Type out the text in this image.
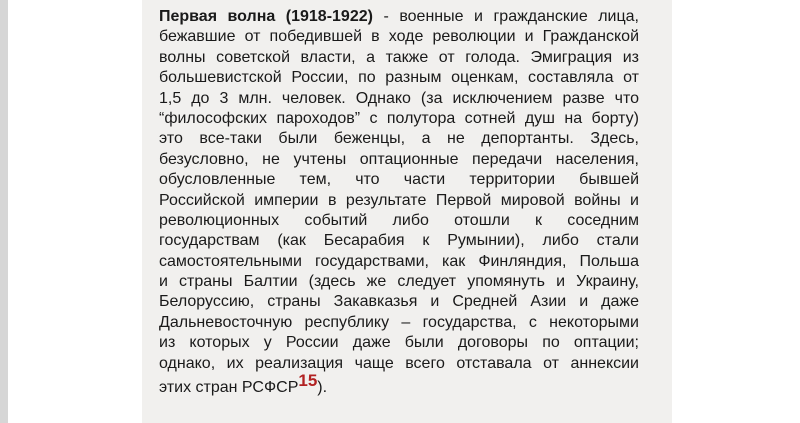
Первая волна (1918-1922) - военные и гражданские лица,
бежавшие от победившей в ходе революции и Гражданской
волны советской власти, а также от голода. Эмиграция из
большевистской России, по разным оценкам, составляла от
1,5 до 3 млн. человек. Однако (за исключением разве что
“философских пароходов” с полутора сотней душ на борту)
это все-таки были беженцы, а не депортанты. Здесь,
безусловно, не учтены оптационные передачи населения,
обусловленные тем, что части территории бывшей
Российской империи в результате Первой мировой войны и
революционных событий либо отошли к соседним
государствам (как Бесарабия к Румынии), либо стали
самостоятельными государствами, как Финляндия, Польша
и страны Балтии (здесь же следует упомянуть и Украину,
Белоруссию, страны Закавказья и Средней Азии и даже
Дальневосточную республику – государства, с некоторыми
из которых у России даже были договоры по оптации;
однако, их реализация чаще всего отставала от аннексии
этих стран РСФСР15).
